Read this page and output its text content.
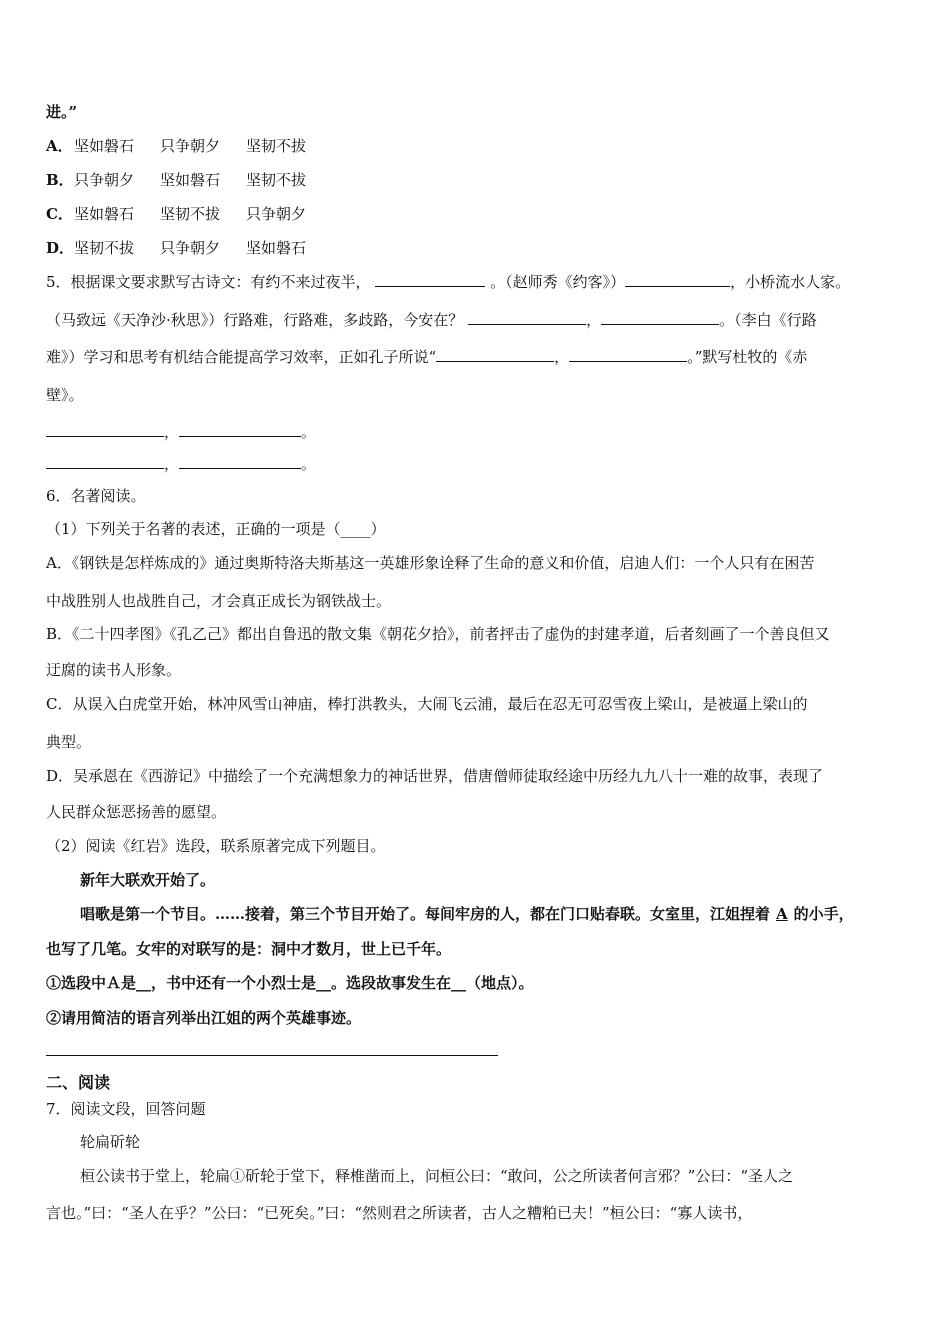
进。”
A．坚如磐石 只争朝夕 坚韧不拔
B．只争朝夕 坚如磐石 坚韧不拔
C．坚如磐石 坚韧不拔 只争朝夕
D．坚韧不拔 只争朝夕 坚如磐石
5．根据课文要求默写古诗文：有约不来过夜半，	。（赵师秀《约客》）	，小桥流水人家。
（马致远《天净沙·秋思》）行路难，行路难，多歧路，今安在？	，	。（李白《行路
难》）学习和思考有机结合能提高学习效率，正如孔子所说“	，	。”默写杜牧的《赤
壁》。
，	。
，	。
6．名著阅读。
（1）下列关于名著的表述，正确的一项是（____）
A．《钢铁是怎样炼成的》通过奥斯特洛夫斯基这一英雄形象诠释了生命的意义和价值，启迪人们：一个人只有在困苦
中战胜别人也战胜自己，才会真正成长为钢铁战士。
B．《二十四孝图》《孔乙己》都出自鲁迅的散文集《朝花夕拾》，前者抨击了虚伪的封建孝道，后者刻画了一个善良但又
迂腐的读书人形象。
C．从误入白虎堂开始，林冲风雪山神庙，棒打洪教头，大闹飞云浦，最后在忍无可忍雪夜上梁山，是被逼上梁山的
典型。
D．吴承恩在《西游记》中描绘了一个充满想象力的神话世界，借唐僧师徒取经途中历经九九八十一难的故事，表现了
人民群众惩恶扬善的愿望。
（2）阅读《红岩》选段，联系原著完成下列题目。
新年大联欢开始了。
唱歌是第一个节目。……接着，第三个节目开始了。每间牢房的人，都在门口贴春联。女室里，江姐捏着 A 的小手，
也写了几笔。女牢的对联写的是：洞中才数月，世上已千年。
①选段中Ａ是__，书中还有一个小烈士是__。选段故事发生在__（地点）。
②请用简洁的语言列举出江姐的两个英雄事迹。
二、阅读
7．阅读文段，回答问题
轮扁斫轮
桓公读书于堂上，轮扁①斫轮于堂下，释椎凿而上，问桓公曰：“敢问，公之所读者何言邪？”公曰：“圣人之
言也。”曰：“圣人在乎？”公曰：“已死矣。”曰：“然则君之所读者，古人之糟粕已夫！”桓公曰：“寡人读书，
